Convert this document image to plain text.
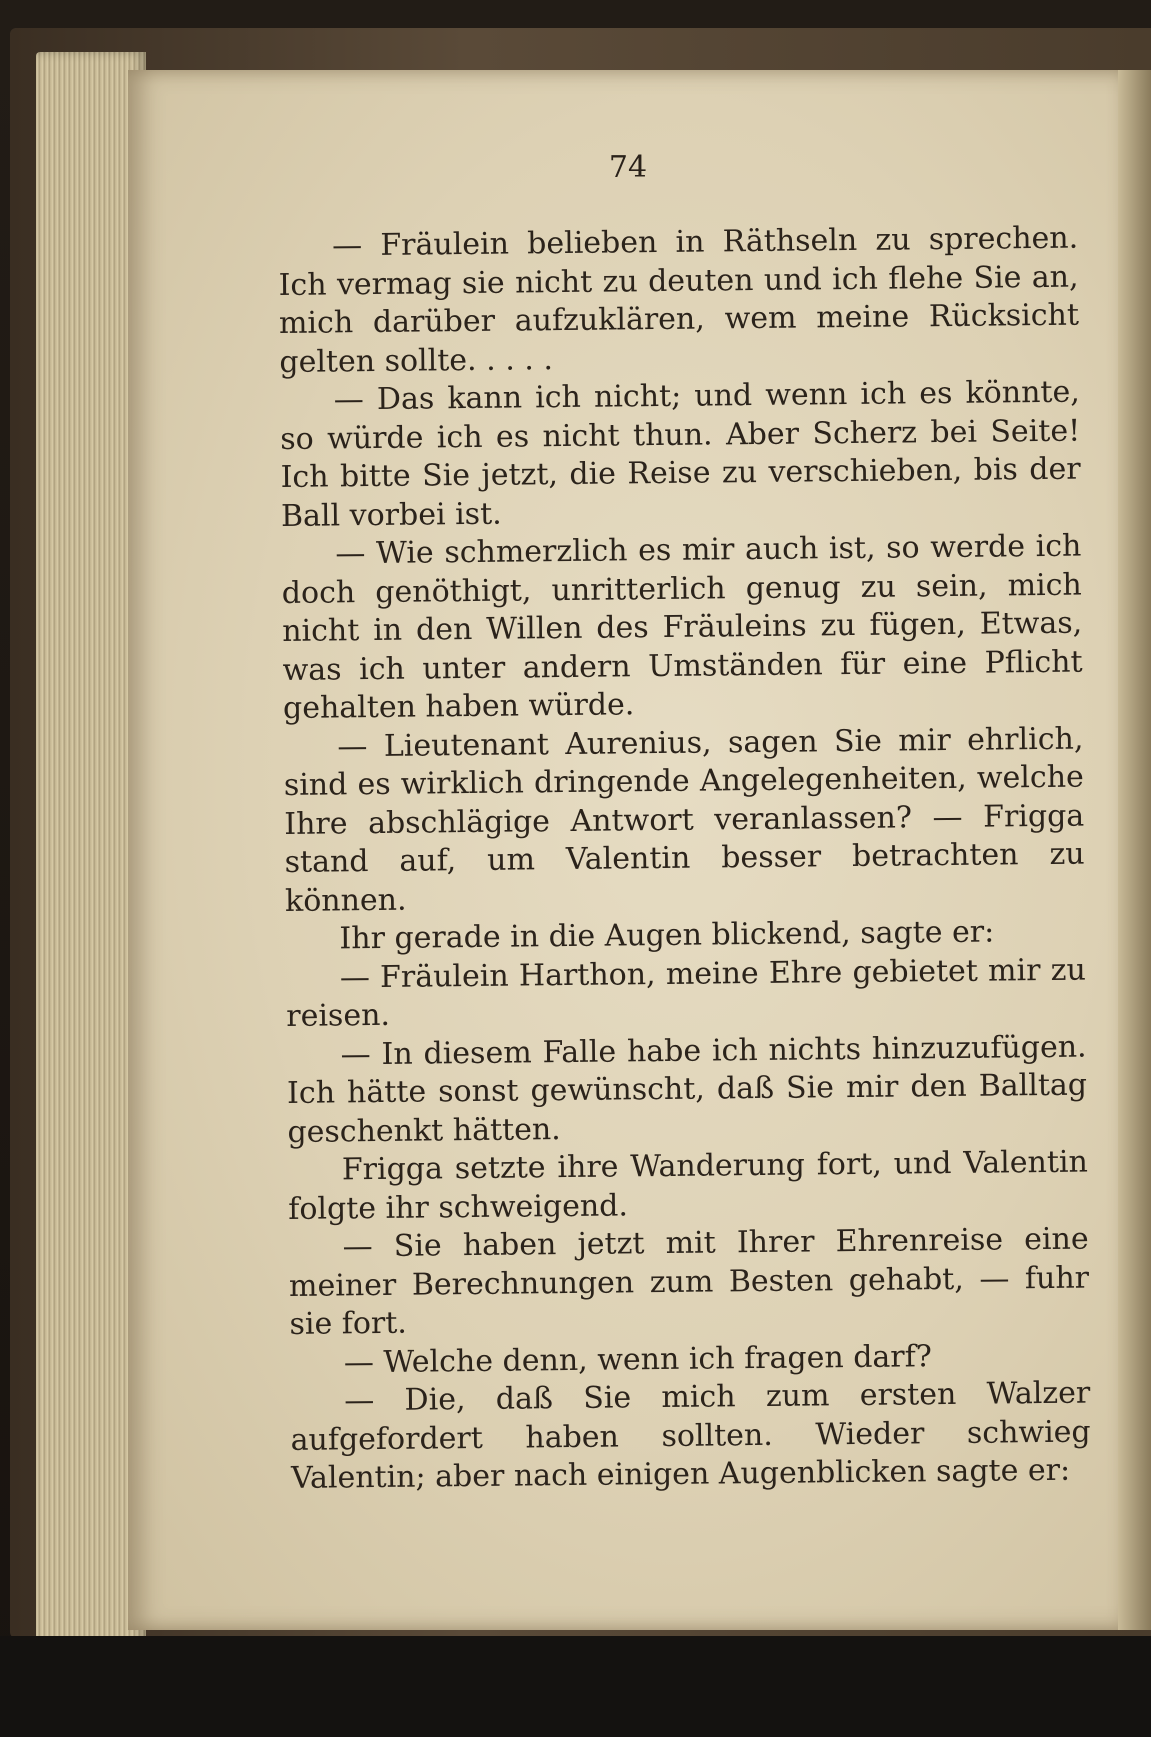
74

— Fräulein belieben in Räthseln zu sprechen. Ich vermag sie nicht zu deuten und ich flehe Sie an, mich darüber aufzuklären, wem meine Rücksicht gelten sollte. . . . .

— Das kann ich nicht; und wenn ich es könnte, so würde ich es nicht thun. Aber Scherz bei Seite! Ich bitte Sie jetzt, die Reise zu verschieben, bis der Ball vorbei ist.

— Wie schmerzlich es mir auch ist, so werde ich doch genöthigt, unritterlich genug zu sein, mich nicht in den Willen des Fräuleins zu fügen, Etwas, was ich unter andern Umständen für eine Pflicht gehalten haben würde.

— Lieutenant Aurenius, sagen Sie mir ehrlich, sind es wirklich dringende Angelegenheiten, welche Ihre abschlägige Antwort veranlassen? — Frigga stand auf, um Valentin besser betrachten zu können.

Ihr gerade in die Augen blickend, sagte er:

— Fräulein Harthon, meine Ehre gebietet mir zu reisen.

— In diesem Falle habe ich nichts hinzuzufügen. Ich hätte sonst gewünscht, daß Sie mir den Balltag geschenkt hätten.

Frigga setzte ihre Wanderung fort, und Valentin folgte ihr schweigend.

— Sie haben jetzt mit Ihrer Ehrenreise eine meiner Berechnungen zum Besten gehabt, — fuhr sie fort.

— Welche denn, wenn ich fragen darf?

— Die, daß Sie mich zum ersten Walzer aufgefordert haben sollten. Wieder schwieg Valentin; aber nach einigen Augenblicken sagte er:
